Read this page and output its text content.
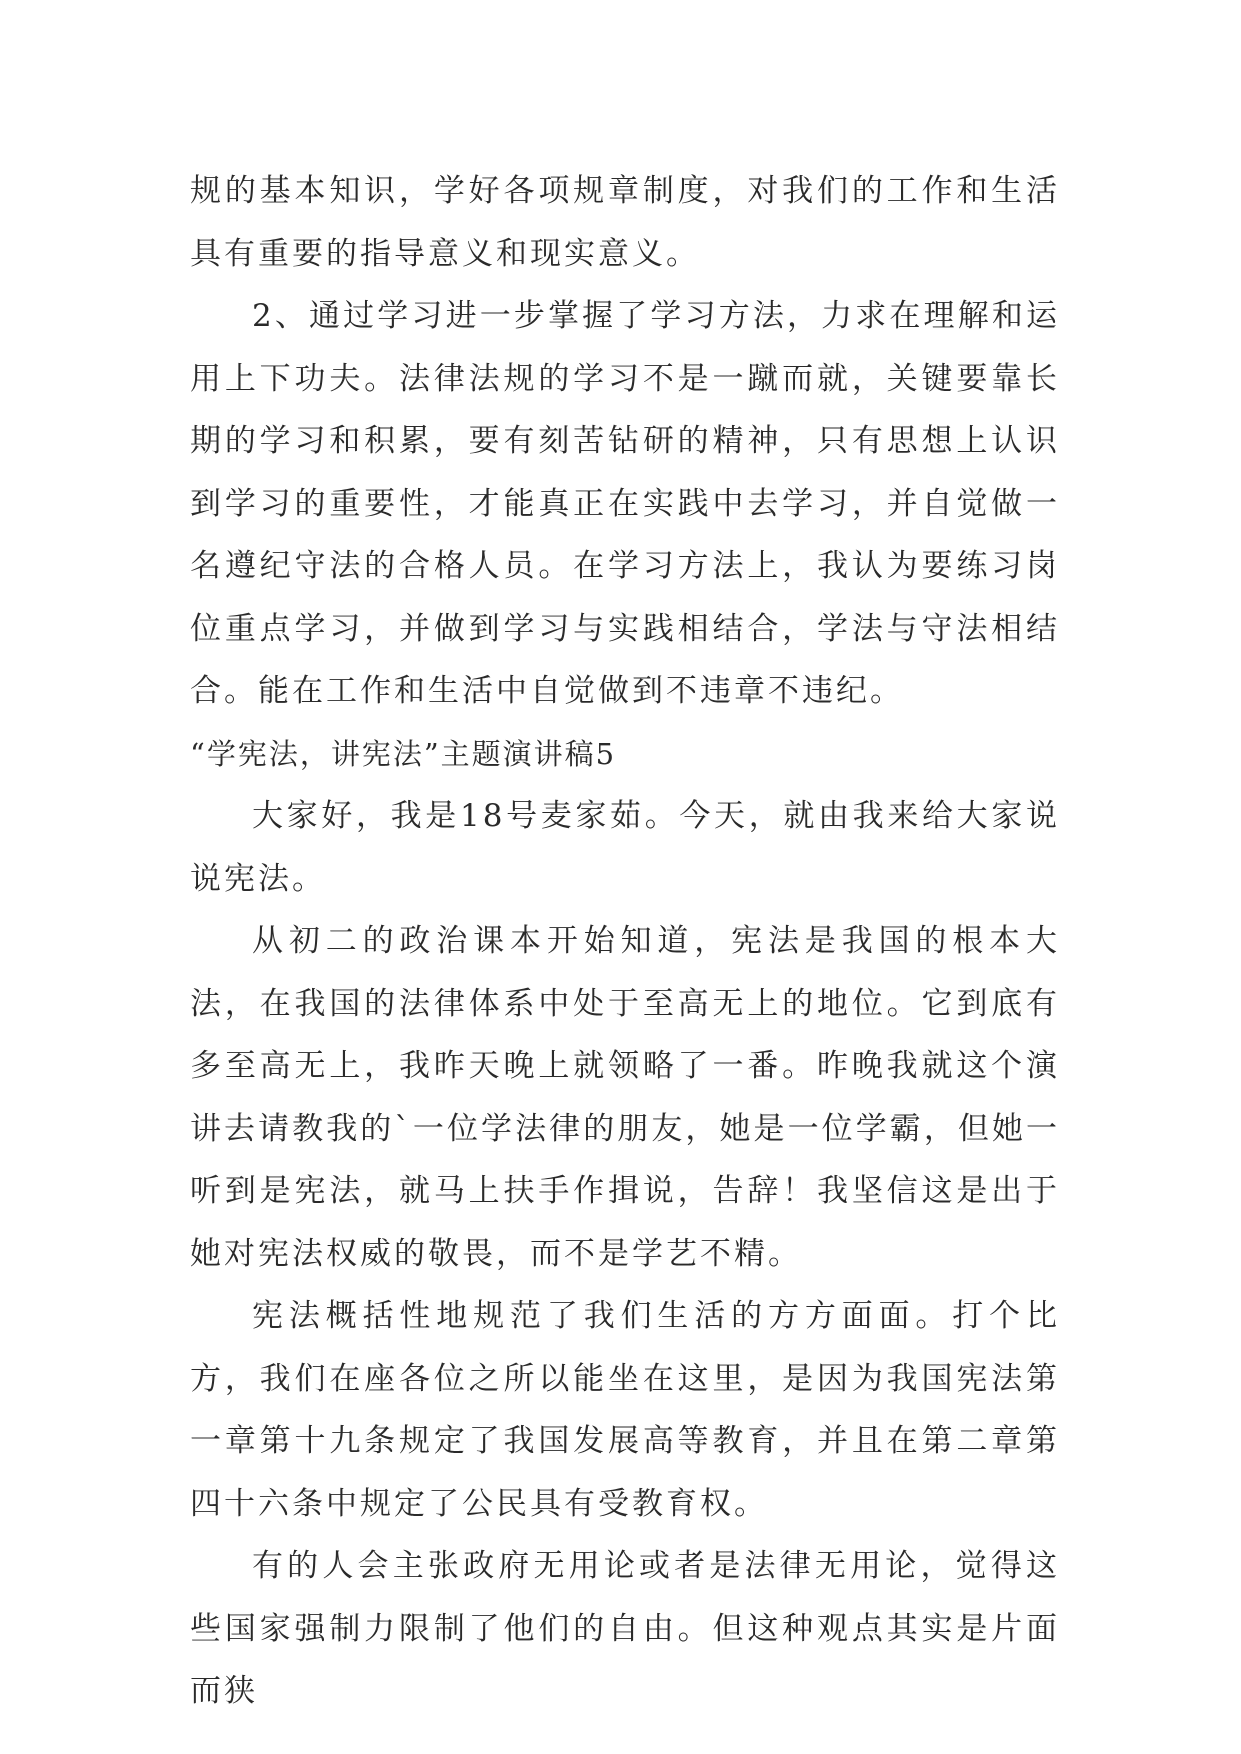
规的基本知识，学好各项规章制度，对我们的工作和生活具有重要的指导意义和现实意义。

2、通过学习进一步掌握了学习方法，力求在理解和运用上下功夫。法律法规的学习不是一蹴而就，关键要靠长期的学习和积累，要有刻苦钻研的精神，只有思想上认识到学习的重要性，才能真正在实践中去学习，并自觉做一名遵纪守法的合格人员。在学习方法上，我认为要练习岗位重点学习，并做到学习与实践相结合，学法与守法相结合。能在工作和生活中自觉做到不违章不违纪。

“学宪法，讲宪法”主题演讲稿5

大家好，我是18号麦家茹。今天，就由我来给大家说说宪法。

从初二的政治课本开始知道，宪法是我国的根本大法，在我国的法律体系中处于至高无上的地位。它到底有多至高无上，我昨天晚上就领略了一番。昨晚我就这个演讲去请教我的`一位学法律的朋友，她是一位学霸，但她一听到是宪法，就马上扶手作揖说，告辞！我坚信这是出于她对宪法权威的敬畏，而不是学艺不精。

宪法概括性地规范了我们生活的方方面面。打个比方，我们在座各位之所以能坐在这里，是因为我国宪法第一章第十九条规定了我国发展高等教育，并且在第二章第四十六条中规定了公民具有受教育权。

有的人会主张政府无用论或者是法律无用论，觉得这些国家强制力限制了他们的自由。但这种观点其实是片面而狭
